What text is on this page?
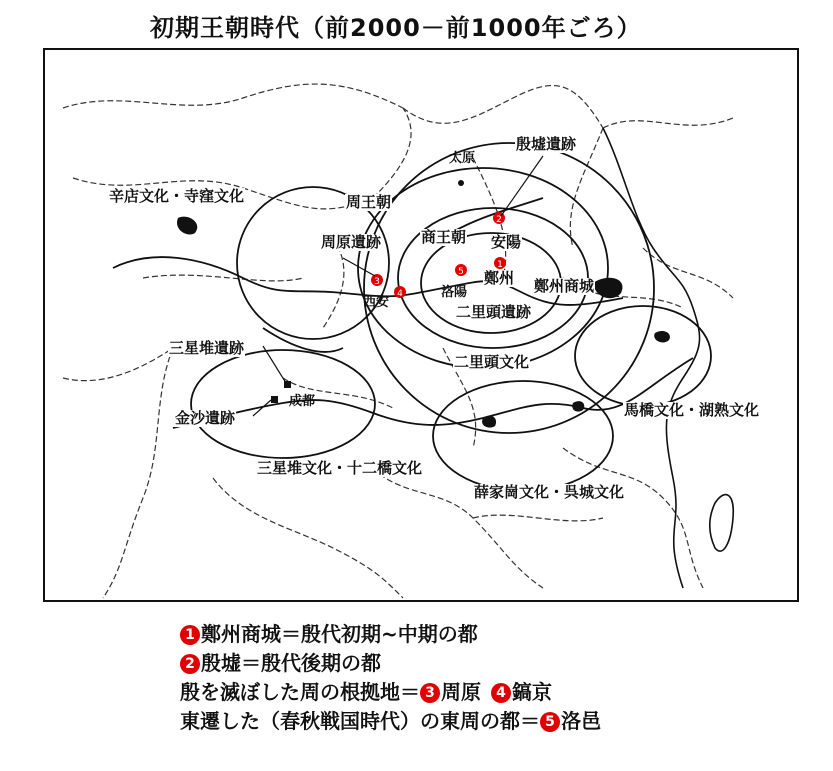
初期王朝時代（前2000－前1000年ごろ）
5
2
1
3
4
辛店文化・寺窪文化	周王朝
周原遺跡
西安
太原
殷墟遺跡
商王朝 安陽
洛陽
鄭州 鄭州商城
二里頭遺跡
二里頭文化
三星堆遺跡
成都
金沙遺跡
三星堆文化・十二橋文化
馬橋文化・湖熟文化
薛家崗文化・呉城文化
1 鄭州商城＝殷代初期~中期の都
2 殷墟＝殷代後期の都
殷を滅ぼした周の根拠地＝ 3 周原 4 鎬京
東遷した（春秋戦国時代）の東周の都＝ 5 洛邑
